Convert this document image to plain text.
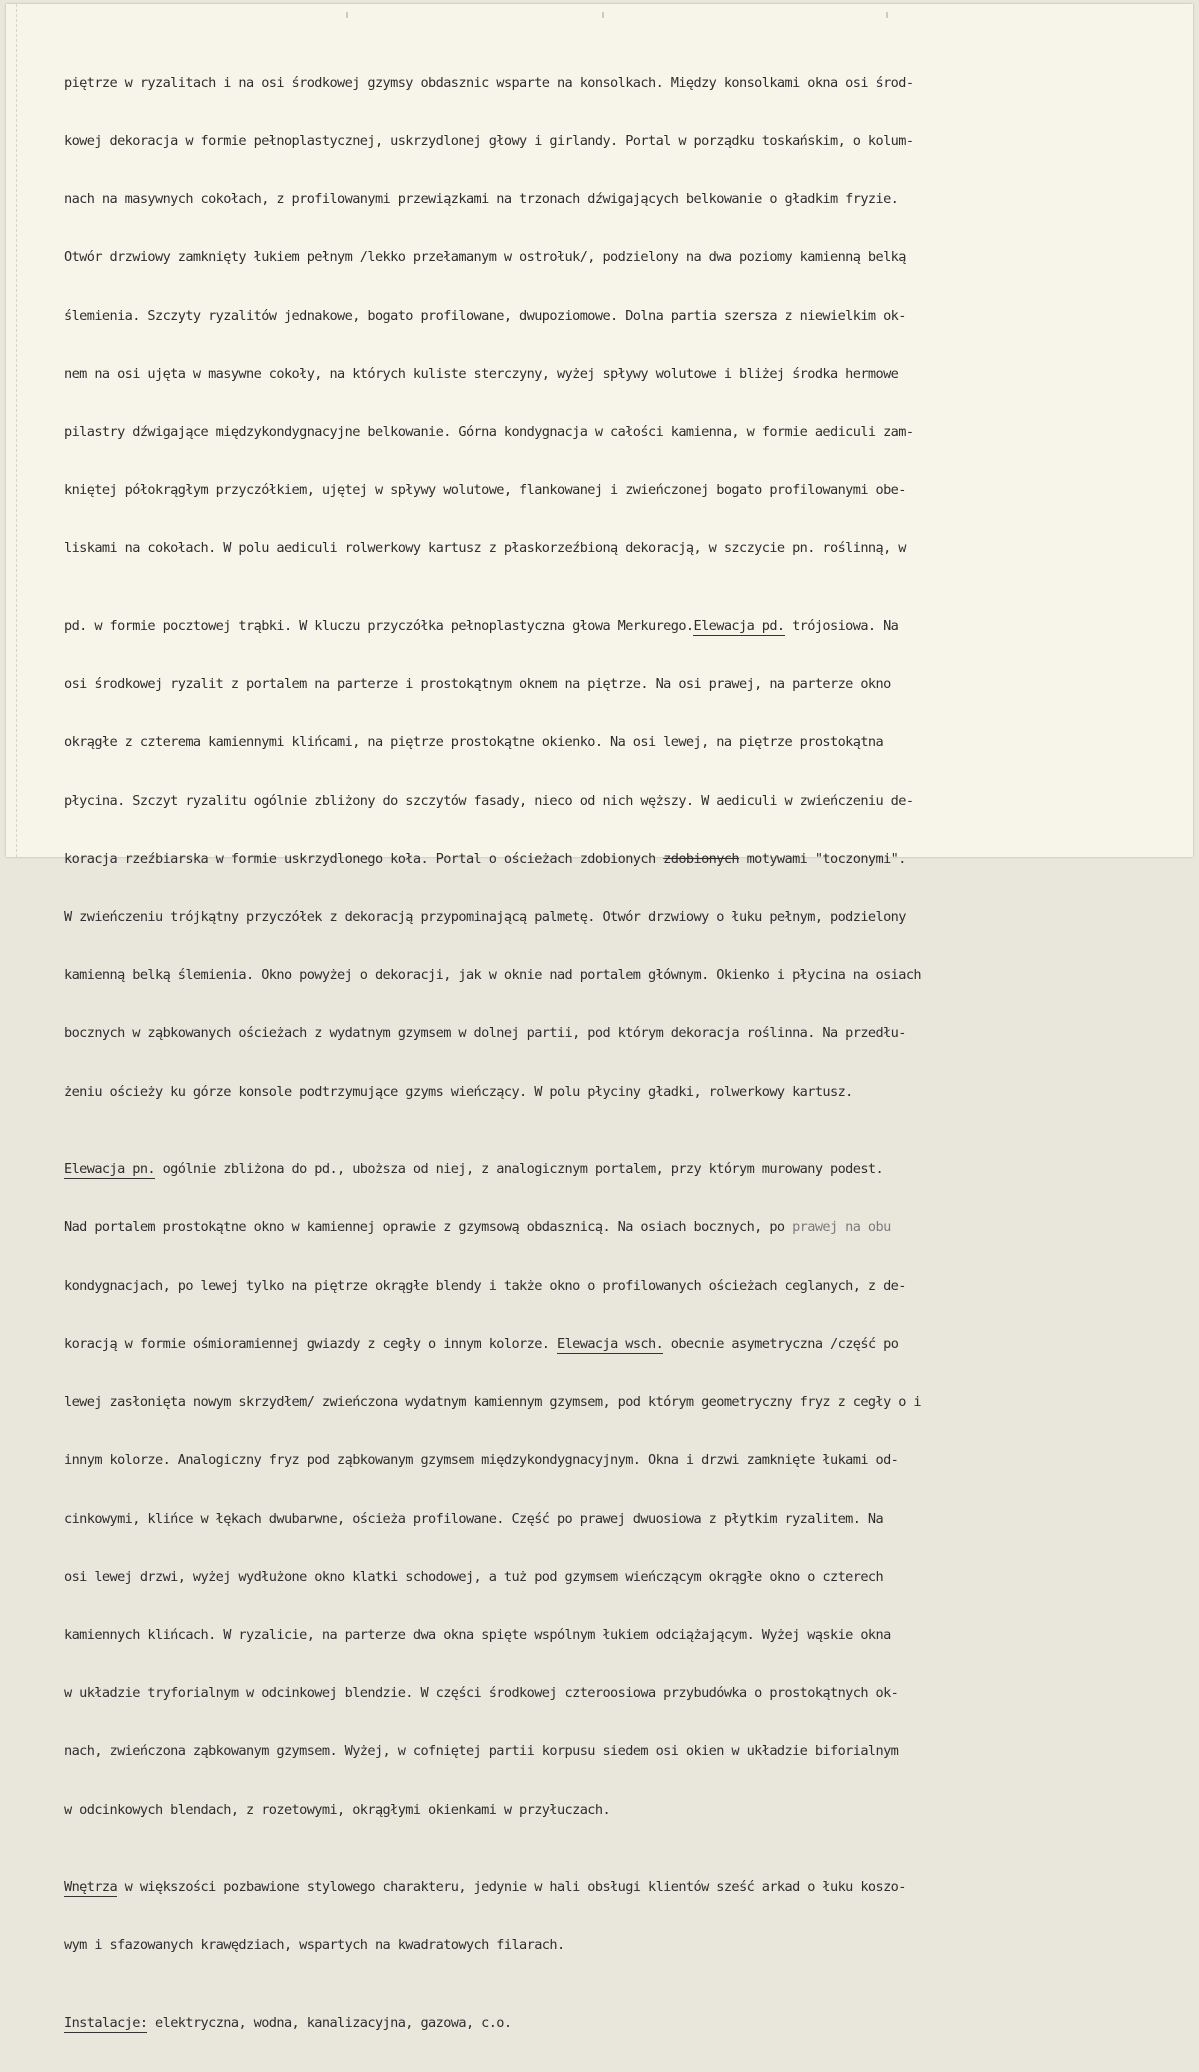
piętrze w ryzalitach i na osi środkowej gzymsy obdasznic wsparte na konsolkach. Między konsolkami okna osi środ-

kowej dekoracja w formie pełnoplastycznej, uskrzydlonej głowy i girlandy. Portal w porządku toskańskim, o kolum-

nach na masywnych cokołach, z profilowanymi przewiązkami na trzonach dźwigających belkowanie o gładkim fryzie.

Otwór drzwiowy zamknięty łukiem pełnym /lekko przełamanym w ostrołuk/, podzielony na dwa poziomy kamienną belką

ślemienia. Szczyty ryzalitów jednakowe, bogato profilowane, dwupoziomowe. Dolna partia szersza z niewielkim ok-

nem na osi ujęta w masywne cokoły, na których kuliste sterczyny, wyżej spływy wolutowe i bliżej środka hermowe

pilastry dźwigające międzykondygnacyjne belkowanie. Górna kondygnacja w całości kamienna, w formie aediculi zam-

kniętej półokrągłym przyczółkiem, ujętej w spływy wolutowe, flankowanej i zwieńczonej bogato profilowanymi obe-

liskami na cokołach. W polu aediculi rolwerkowy kartusz z płaskorzeźbioną dekoracją, w szczycie pn. roślinną, w

pd. w formie pocztowej trąbki. W kluczu przyczółka pełnoplastyczna głowa Merkurego.Elewacja pd. trójosiowa. Na

osi środkowej ryzalit z portalem na parterze i prostokątnym oknem na piętrze. Na osi prawej, na parterze okno

okrągłe z czterema kamiennymi klińcami, na piętrze prostokątne okienko. Na osi lewej, na piętrze prostokątna

płycina. Szczyt ryzalitu ogólnie zbliżony do szczytów fasady, nieco od nich węższy. W aediculi w zwieńczeniu de-

koracja rzeźbiarska w formie uskrzydlonego koła. Portal o ościeżach zdobionych zdobionych motywami "toczonymi".

W zwieńczeniu trójkątny przyczółek z dekoracją przypominającą palmetę. Otwór drzwiowy o łuku pełnym, podzielony

kamienną belką ślemienia. Okno powyżej o dekoracji, jak w oknie nad portalem głównym. Okienko i płycina na osiach

bocznych w ząbkowanych ościeżach z wydatnym gzymsem w dolnej partii, pod którym dekoracja roślinna. Na przedłu-

żeniu ościeży ku górze konsole podtrzymujące gzyms wieńczący. W polu płyciny gładki, rolwerkowy kartusz.

Elewacja pn. ogólnie zbliżona do pd., uboższa od niej, z analogicznym portalem, przy którym murowany podest.

Nad portalem prostokątne okno w kamiennej oprawie z gzymsową obdasznicą. Na osiach bocznych, po prawej na obu

kondygnacjach, po lewej tylko na piętrze okrągłe blendy i także okno o profilowanych ościeżach ceglanych, z de-

koracją w formie ośmioramiennej gwiazdy z cegły o innym kolorze. Elewacja wsch. obecnie asymetryczna /część po

lewej zasłonięta nowym skrzydłem/ zwieńczona wydatnym kamiennym gzymsem, pod którym geometryczny fryz z cegły o i

innym kolorze. Analogiczny fryz pod ząbkowanym gzymsem międzykondygnacyjnym. Okna i drzwi zamknięte łukami od-

cinkowymi, klińce w łękach dwubarwne, ościeża profilowane. Część po prawej dwuosiowa z płytkim ryzalitem. Na

osi lewej drzwi, wyżej wydłużone okno klatki schodowej, a tuż pod gzymsem wieńczącym okrągłe okno o czterech

kamiennych klińcach. W ryzalicie, na parterze dwa okna spięte wspólnym łukiem odciążającym. Wyżej wąskie okna

w układzie tryforialnym w odcinkowej blendzie. W części środkowej czteroosiowa przybudówka o prostokątnych ok-

nach, zwieńczona ząbkowanym gzymsem. Wyżej, w cofniętej partii korpusu siedem osi okien w układzie biforialnym

w odcinkowych blendach, z rozetowymi, okrągłymi okienkami w przyłuczach.

Wnętrza w większości pozbawione stylowego charakteru, jedynie w hali obsługi klientów sześć arkad o łuku koszo-

wym i sfazowanych krawędziach, wspartych na kwadratowych filarach.

Instalacje: elektryczna, wodna, kanalizacyjna, gazowa, c.o.
